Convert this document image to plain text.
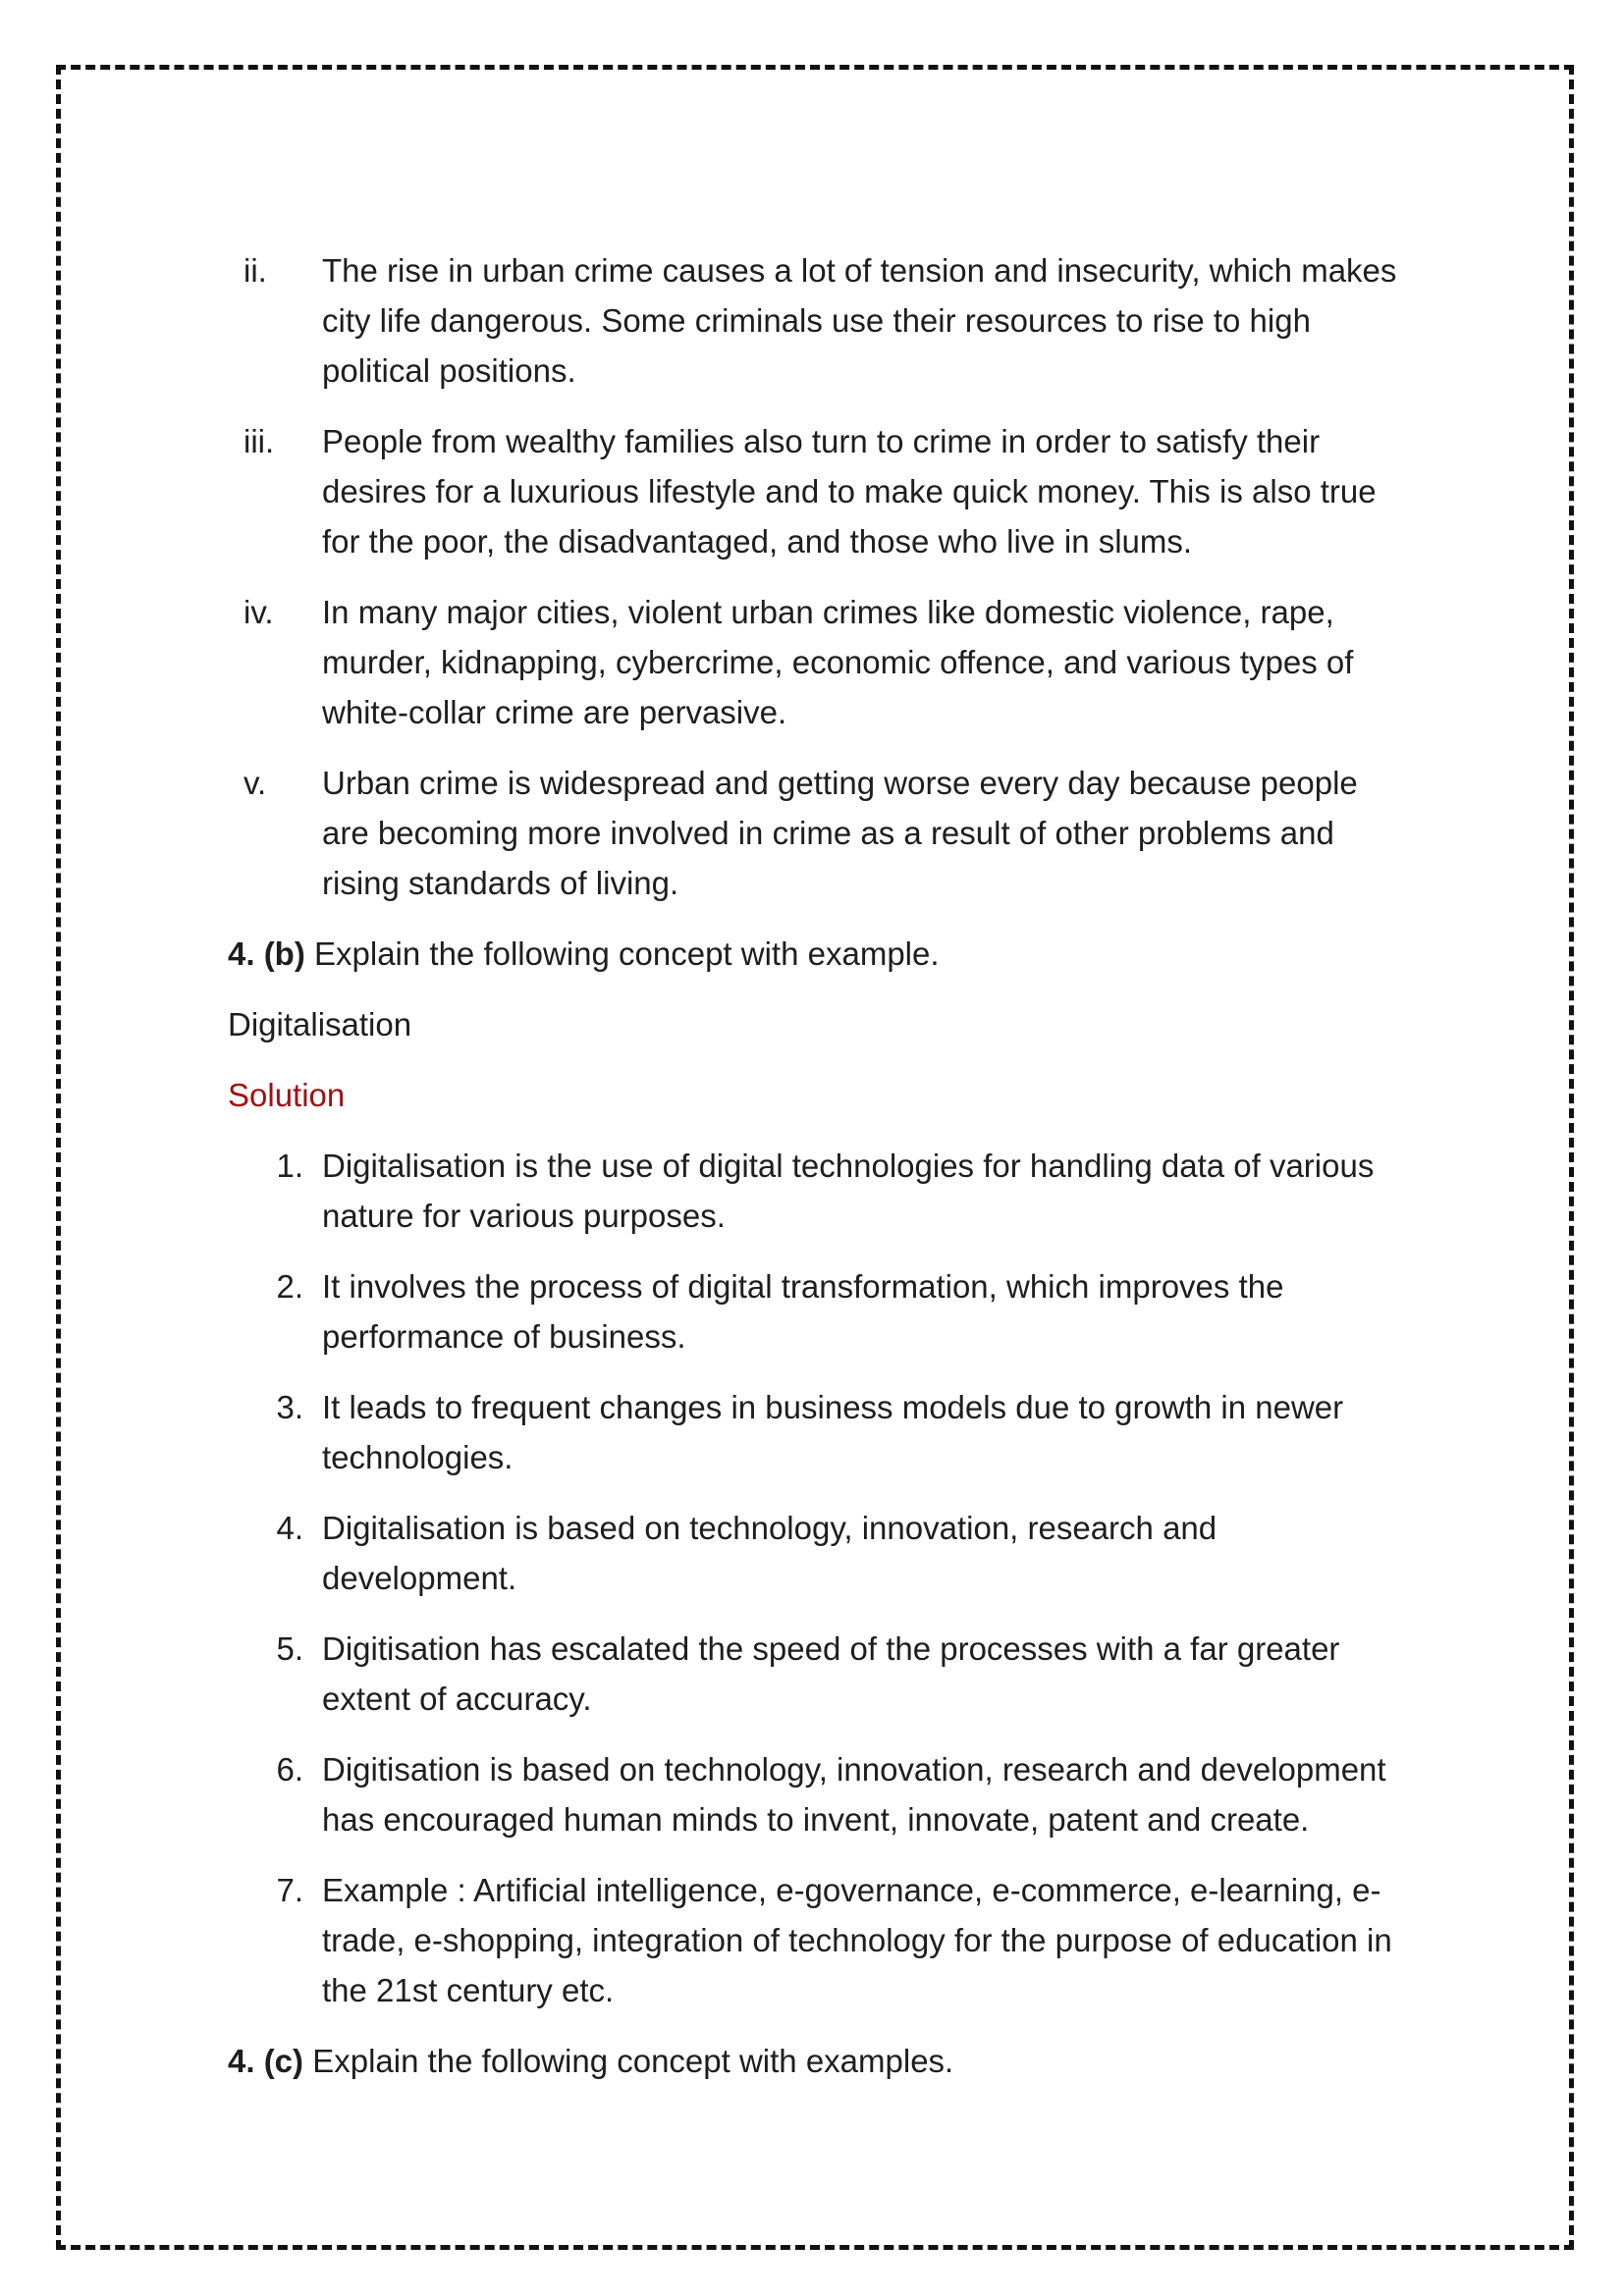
ii.	The rise in urban crime causes a lot of tension and insecurity, which makes city life dangerous. Some criminals use their resources to rise to high political positions.
iii.	People from wealthy families also turn to crime in order to satisfy their desires for a luxurious lifestyle and to make quick money. This is also true for the poor, the disadvantaged, and those who live in slums.
iv.	In many major cities, violent urban crimes like domestic violence, rape, murder, kidnapping, cybercrime, economic offence, and various types of white-collar crime are pervasive.
v.	Urban crime is widespread and getting worse every day because people are becoming more involved in crime as a result of other problems and rising standards of living.
4. (b) Explain the following concept with example.
Digitalisation
Solution
1. Digitalisation is the use of digital technologies for handling data of various nature for various purposes.
2. It involves the process of digital transformation, which improves the performance of business.
3. It leads to frequent changes in business models due to growth in newer technologies.
4. Digitalisation is based on technology, innovation, research and development.
5. Digitisation has escalated the speed of the processes with a far greater extent of accuracy.
6. Digitisation is based on technology, innovation, research and development has encouraged human minds to invent, innovate, patent and create.
7. Example : Artificial intelligence, e-governance, e-commerce, e-learning, e-trade, e-shopping, integration of technology for the purpose of education in the 21st century etc.
4. (c) Explain the following concept with examples.
